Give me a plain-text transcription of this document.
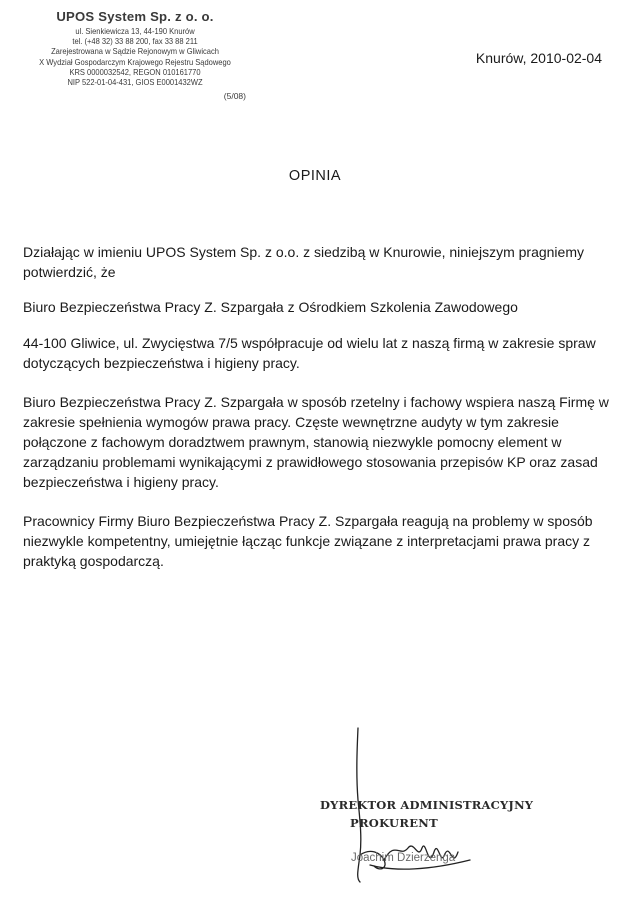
UPOS System Sp. z o. o.
ul. Sienkiewicza 13, 44-190 Knurów
tel. (+48 32) 33 88 200, fax 33 88 211
Zarejestrowana w Sądzie Rejonowym w Gliwicach
X Wydział Gospodarczym Krajowego Rejestru Sądowego
KRS 0000032542, REGON 010161770
NIP 522-01-04-431, GIOS E0001432WZ
(5/08)
Knurów, 2010-02-04
OPINIA

Działając w imieniu UPOS System Sp. z o.o. z siedzibą w Knurowie, niniejszym pragniemy potwierdzić, że

Biuro Bezpieczeństwa Pracy Z. Szpargała z Ośrodkiem Szkolenia Zawodowego

44-100 Gliwice, ul. Zwycięstwa 7/5 współpracuje od wielu lat z naszą firmą w zakresie spraw dotyczących bezpieczeństwa i higieny pracy.

Biuro Bezpieczeństwa Pracy Z. Szpargała w sposób rzetelny i fachowy wspiera naszą Firmę w zakresie spełnienia wymogów prawa pracy. Częste wewnętrzne audyty w tym zakresie połączone z fachowym doradztwem prawnym, stanowią niezwykle pomocny element w zarządzaniu problemami wynikającymi z prawidłowego stosowania przepisów KP oraz zasad bezpieczeństwa i higieny pracy.

Pracownicy Firmy Biuro Bezpieczeństwa Pracy Z. Szpargała reagują na problemy w sposób niezwykle kompetentny, umiejętnie łącząc funkcje związane z interpretacjami prawa pracy z praktyką gospodarczą.

DYREKTOR ADMINISTRACYJNY
PROKURENT
Joachim Dzierzenga
